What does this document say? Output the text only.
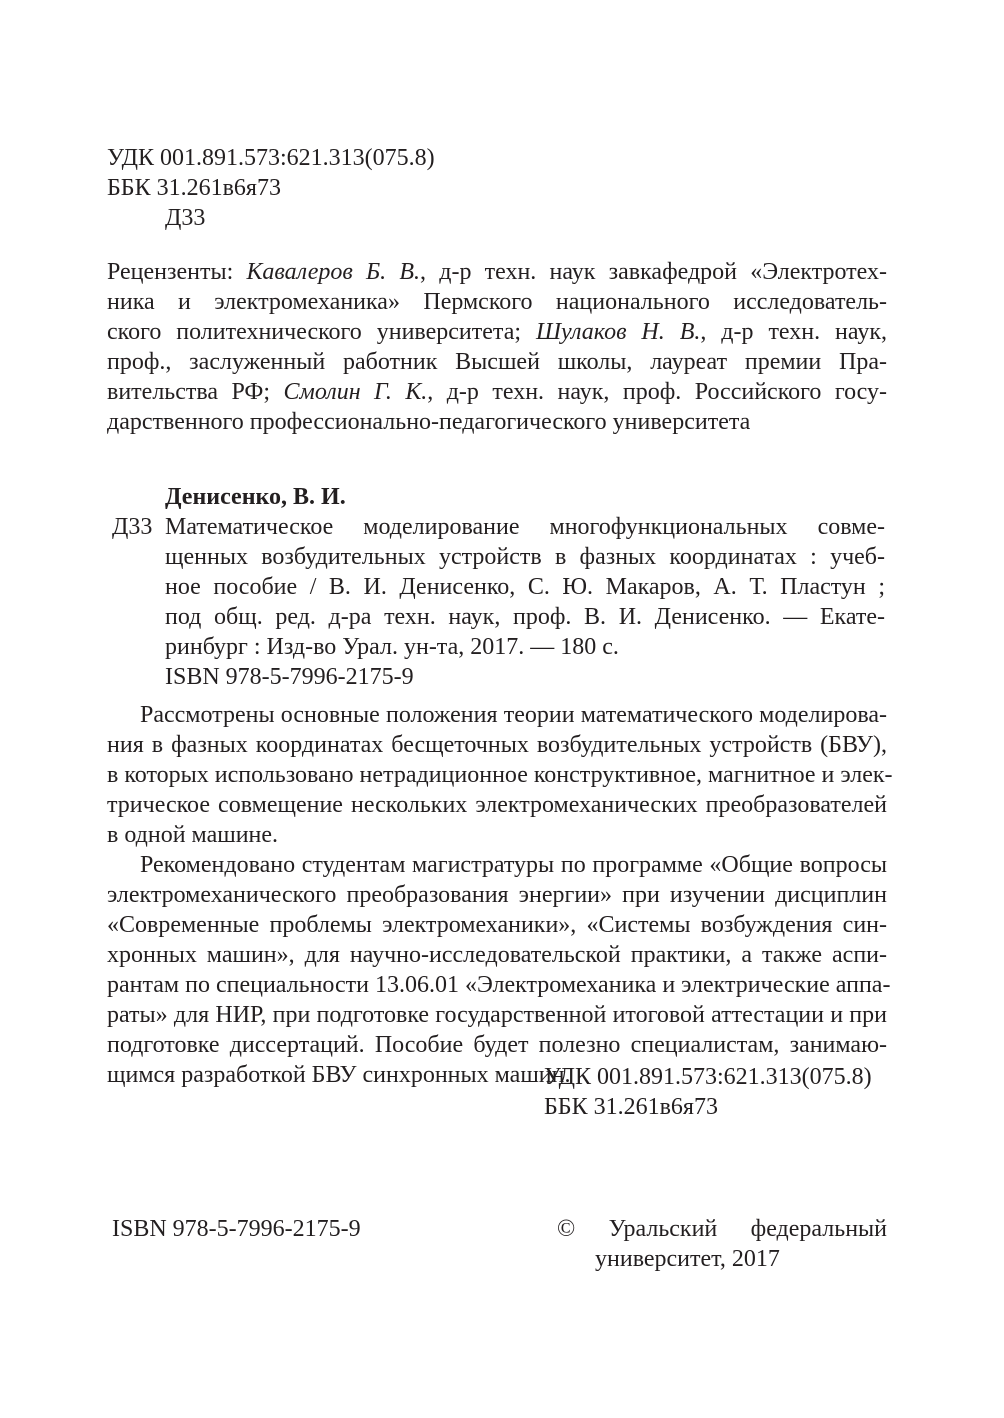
УДК 001.891.573:621.313(075.8)
ББК 31.261в6я73
Д33
Рецензенты: Кавалеров Б. В., д-р техн. наук завкафедрой «Электротех-
ника и электромеханика» Пермского национального исследователь-
ского политехнического университета; Шулаков Н. В., д-р техн. наук,
проф., заслуженный работник Высшей школы, лауреат премии Пра-
вительства РФ; Смолин Г. К., д-р техн. наук, проф. Российского госу-
дарственного профессионально-педагогического университета
Денисенко, В. И.
Д33 Математическое моделирование многофункциональных совме-
щенных возбудительных устройств в фазных координатах : учеб-
ное пособие / В. И. Денисенко, С. Ю. Макаров, А. Т. Пластун ;
под общ. ред. д-ра техн. наук, проф. В. И. Денисенко. — Екате-
ринбург : Изд-во Урал. ун-та, 2017. — 180 с.
ISBN 978-5-7996-2175-9
Рассмотрены основные положения теории математического моделирова-
ния в фазных координатах бесщеточных возбудительных устройств (БВУ),
в которых использовано нетрадиционное конструктивное, магнитное и элек-
трическое совмещение нескольких электромеханических преобразователей
в одной машине.
Рекомендовано студентам магистратуры по программе «Общие вопросы
электромеханического преобразования энергии» при изучении дисциплин
«Современные проблемы электромеханики», «Системы возбуждения син-
хронных машин», для научно-исследовательской практики, а также аспи-
рантам по специальности 13.06.01 «Электромеханика и электрические аппа-
раты» для НИР, при подготовке государственной итоговой аттестации и при
подготовке диссертаций. Пособие будет полезно специалистам, занимаю-
щимся разработкой БВУ синхронных машин.
УДК 001.891.573:621.313(075.8)
ББК 31.261в6я73
ISBN 978-5-7996-2175-9	© Уральский федеральный
университет, 2017
